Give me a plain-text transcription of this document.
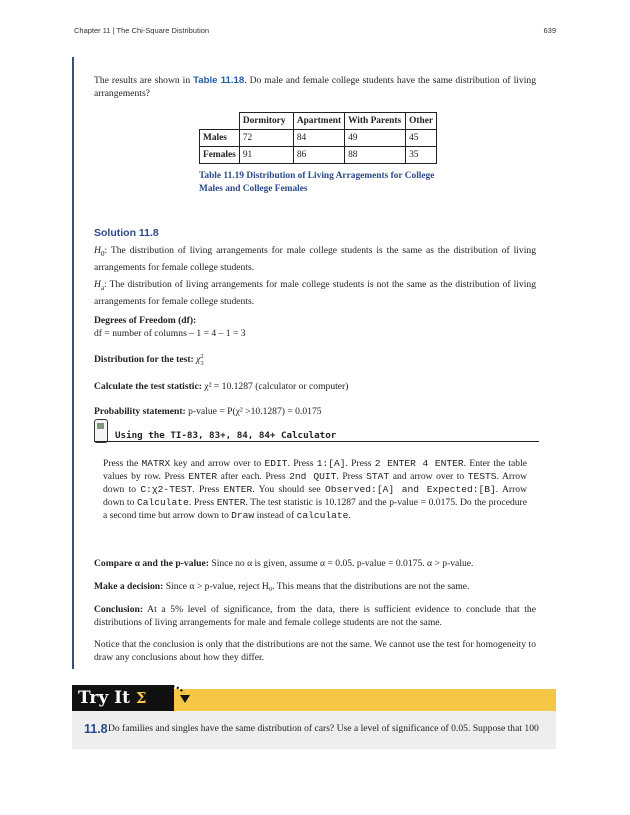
Chapter 11 | The Chi-Square Distribution	639
The results are shown in Table 11.18. Do male and female college students have the same distribution of living arrangements?
	Dormitory	Apartment	With Parents	Other
Males	72	84	49	45
Females	91	86	88	35
Table 11.19 Distribution of Living Arragements for College Males and College Females
Solution 11.8
$H_0$: The distribution of living arrangements for male college students is the same as the distribution of living arrangements for female college students.
$H_a$: The distribution of living arrangements for male college students is not the same as the distribution of living arrangements for female college students.
Degrees of Freedom (df):
df = number of columns – 1 = 4 – 1 = 3
Distribution for the test: χ2
3
Calculate the test statistic: χ² = 10.1287 (calculator or computer)
Probability statement: p-value = P(χ² >10.1287) = 0.0175
Using the TI-83, 83+, 84, 84+ Calculator
Press the MATRX key and arrow over to EDIT. Press 1:[A]. Press 2 ENTER 4 ENTER. Enter the table values by row. Press ENTER after each. Press 2nd QUIT. Press STAT and arrow over to TESTS. Arrow down to C:χ2-TEST. Press ENTER. You should see Observed:[A] and Expected:[B]. Arrow down to Calculate. Press ENTER. The test statistic is 10.1287 and the p-value = 0.0175. Do the procedure a second time but arrow down to Draw instead of calculate.
Compare α and the p-value: Since no α is given, assume α = 0.05. p-value = 0.0175. α > p-value.
Make a decision: Since α > p-value, reject H₀. This means that the distributions are not the same.
Conclusion: At a 5% level of significance, from the data, there is sufficient evidence to conclude that the distributions of living arrangements for male and female college students are not the same.
Notice that the conclusion is only that the distributions are not the same. We cannot use the test for homogeneity to draw any conclusions about how they differ.
Try It Σ
11.8 Do families and singles have the same distribution of cars? Use a level of significance of 0.05. Suppose that 100
